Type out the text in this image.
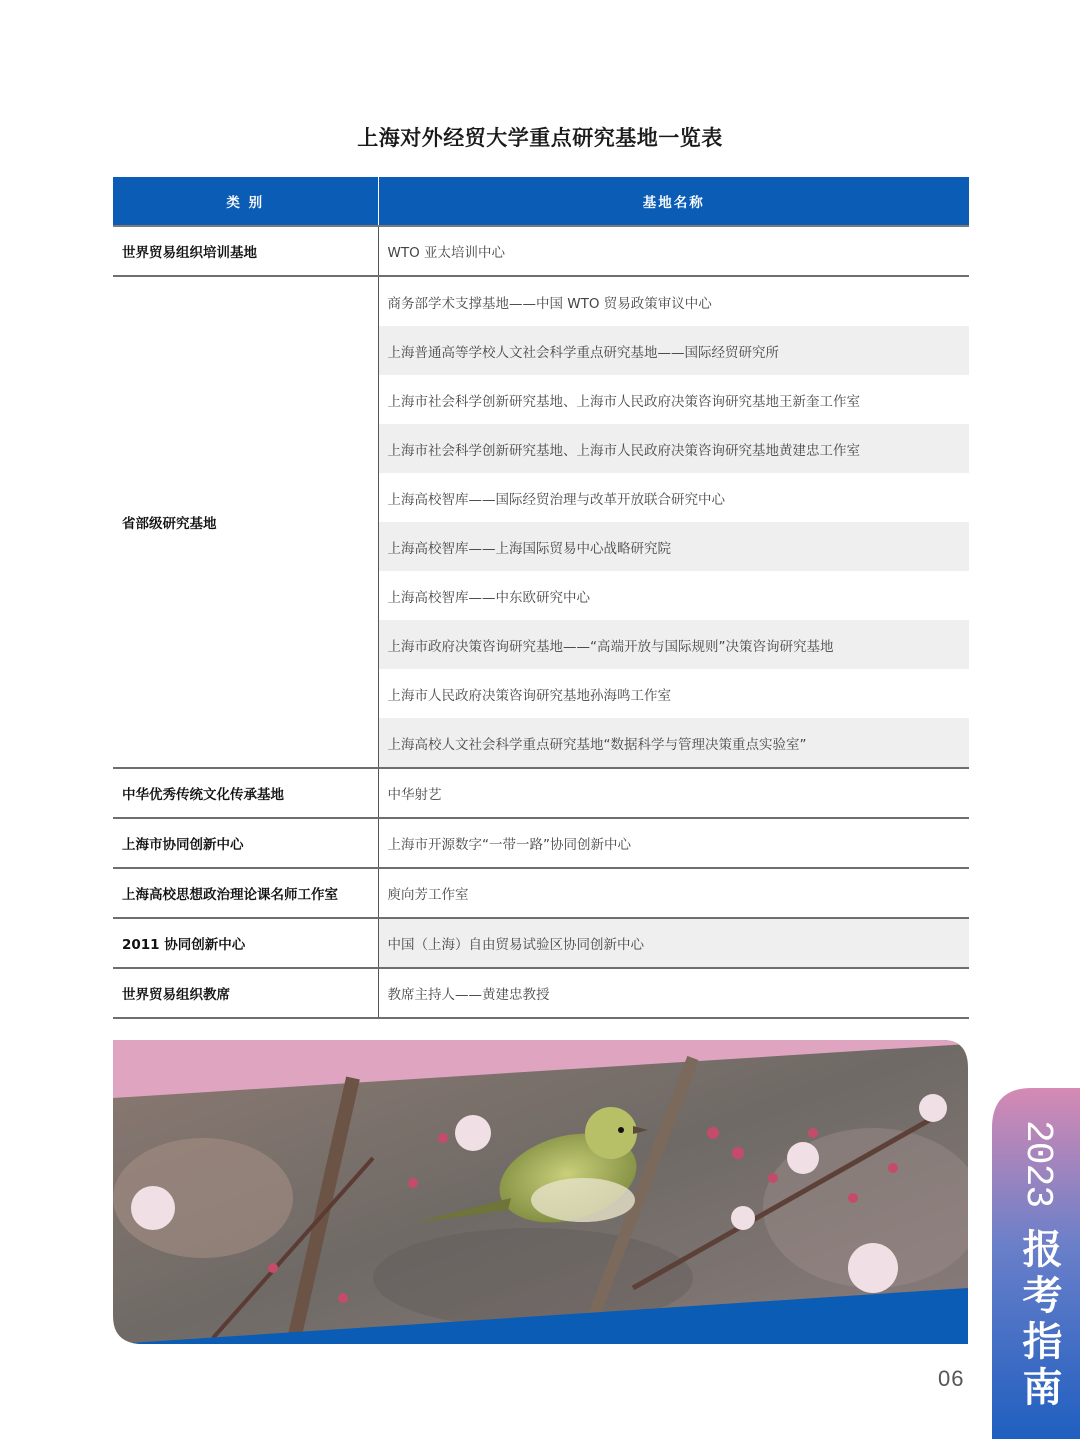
上海对外经贸大学重点研究基地一览表
类 别	基地名称
世界贸易组织培训基地	WTO 亚太培训中心
省部级研究基地	商务部学术支撑基地——中国 WTO 贸易政策审议中心
	上海普通高等学校人文社会科学重点研究基地——国际经贸研究所
	上海市社会科学创新研究基地、上海市人民政府决策咨询研究基地王新奎工作室
	上海市社会科学创新研究基地、上海市人民政府决策咨询研究基地黄建忠工作室
	上海高校智库——国际经贸治理与改革开放联合研究中心
	上海高校智库——上海国际贸易中心战略研究院
	上海高校智库——中东欧研究中心
	上海市政府决策咨询研究基地——“高端开放与国际规则”决策咨询研究基地
	上海市人民政府决策咨询研究基地孙海鸣工作室
	上海高校人文社会科学重点研究基地“数据科学与管理决策重点实验室”
中华优秀传统文化传承基地	中华射艺
上海市协同创新中心	上海市开源数字“一带一路”协同创新中心
上海高校思想政治理论课名师工作室	庾向芳工作室
2011 协同创新中心	中国（上海）自由贸易试验区协同创新中心
世界贸易组织教席	教席主持人——黄建忠教授
06
2023
报考指南
